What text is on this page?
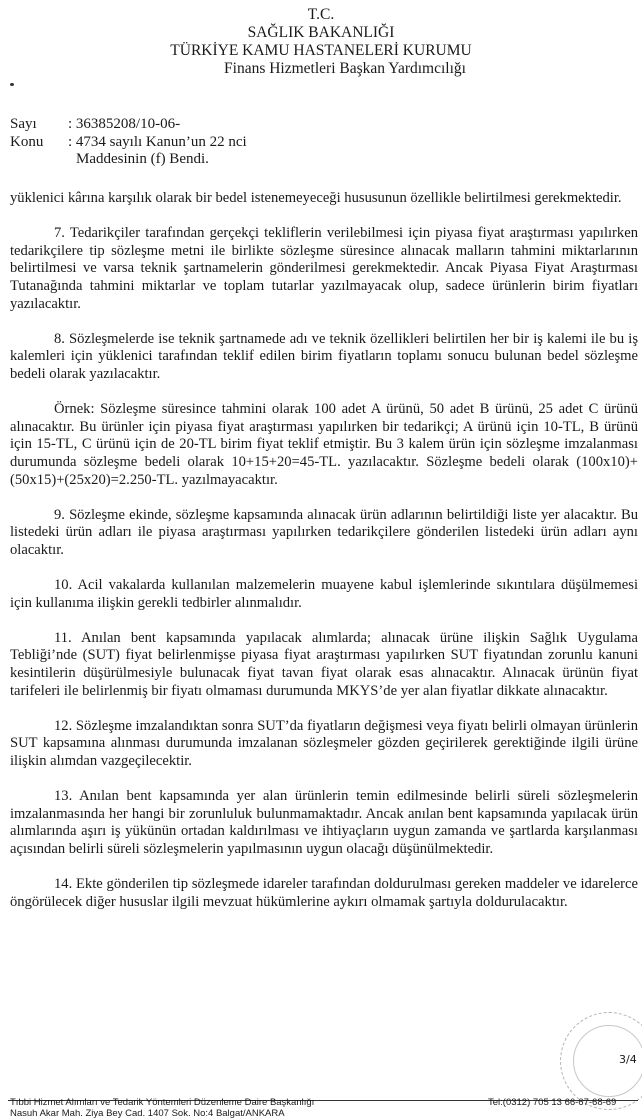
T.C.
SAĞLIK BAKANLIĞI
TÜRKİYE KAMU HASTANELERİ KURUMU
Finans Hizmetleri Başkan Yardımcılığı
Sayı : 36385208/10-06-
Konu : 4734 sayılı Kanun’un 22 nci
Maddesinin (f) Bendi.

yüklenici kârına karşılık olarak bir bedel istenemeyeceği hususunun özellikle belirtilmesi gerekmektedir.

7. Tedarikçiler tarafından gerçekçi tekliflerin verilebilmesi için piyasa fiyat araştırması yapılırken tedarikçilere tip sözleşme metni ile birlikte sözleşme süresince alınacak malların tahmini miktarlarının belirtilmesi ve varsa teknik şartnamelerin gönderilmesi gerekmektedir. Ancak Piyasa Fiyat Araştırması Tutanağında tahmini miktarlar ve toplam tutarlar yazılmayacak olup, sadece ürünlerin birim fiyatları yazılacaktır.

8. Sözleşmelerde ise teknik şartnamede adı ve teknik özellikleri belirtilen her bir iş kalemi ile bu iş kalemleri için yüklenici tarafından teklif edilen birim fiyatların toplamı sonucu bulunan bedel sözleşme bedeli olarak yazılacaktır.

Örnek: Sözleşme süresince tahmini olarak 100 adet A ürünü, 50 adet B ürünü, 25 adet C ürünü alınacaktır. Bu ürünler için piyasa fiyat araştırması yapılırken bir tedarikçi; A ürünü için 10-TL, B ürünü için 15-TL, C ürünü için de 20-TL birim fiyat teklif etmiştir. Bu 3 kalem ürün için sözleşme imzalanması durumunda sözleşme bedeli olarak 10+15+20=45-TL. yazılacaktır. Sözleşme bedeli olarak (100x10)+(50x15)+(25x20)=2.250-TL. yazılmayacaktır.

9. Sözleşme ekinde, sözleşme kapsamında alınacak ürün adlarının belirtildiği liste yer alacaktır. Bu listedeki ürün adları ile piyasa araştırması yapılırken tedarikçilere gönderilen listedeki ürün adları aynı olacaktır.

10. Acil vakalarda kullanılan malzemelerin muayene kabul işlemlerinde sıkıntılara düşülmemesi için kullanıma ilişkin gerekli tedbirler alınmalıdır.

11. Anılan bent kapsamında yapılacak alımlarda; alınacak ürüne ilişkin Sağlık Uygulama Tebliği’nde (SUT) fiyat belirlenmişse piyasa fiyat araştırması yapılırken SUT fiyatından zorunlu kanuni kesintilerin düşürülmesiyle bulunacak fiyat tavan fiyat olarak esas alınacaktır. Alınacak ürünün fiyat tarifeleri ile belirlenmiş bir fiyatı olmaması durumunda MKYS’de yer alan fiyatlar dikkate alınacaktır.

12. Sözleşme imzalandıktan sonra SUT’da fiyatların değişmesi veya fiyatı belirli olmayan ürünlerin SUT kapsamına alınması durumunda imzalanan sözleşmeler gözden geçirilerek gerektiğinde ilgili ürüne ilişkin alımdan vazgeçilecektir.

13. Anılan bent kapsamında yer alan ürünlerin temin edilmesinde belirli süreli sözleşmelerin imzalanmasında her hangi bir zorunluluk bulunmamaktadır. Ancak anılan bent kapsamında yapılacak ürün alımlarında aşırı iş yükünün ortadan kaldırılması ve ihtiyaçların uygun zamanda ve şartlarda karşılanması açısından belirli süreli sözleşmelerin yapılmasının uygun olacağı düşünülmektedir.

14. Ekte gönderilen tip sözleşmede idareler tarafından doldurulması gereken maddeler ve idarelerce öngörülecek diğer hususlar ilgili mevzuat hükümlerine aykırı olmamak şartıyla doldurulacaktır.

3/4
Tıbbi Hizmet Alımları ve Tedarik Yöntemleri Düzenleme Daire Başkanlığı
Nasuh Akar Mah. Ziya Bey Cad. 1407 Sok. No:4 Balgat/ANKARA
Tel:(0312) 705 13 66-67-68-69
